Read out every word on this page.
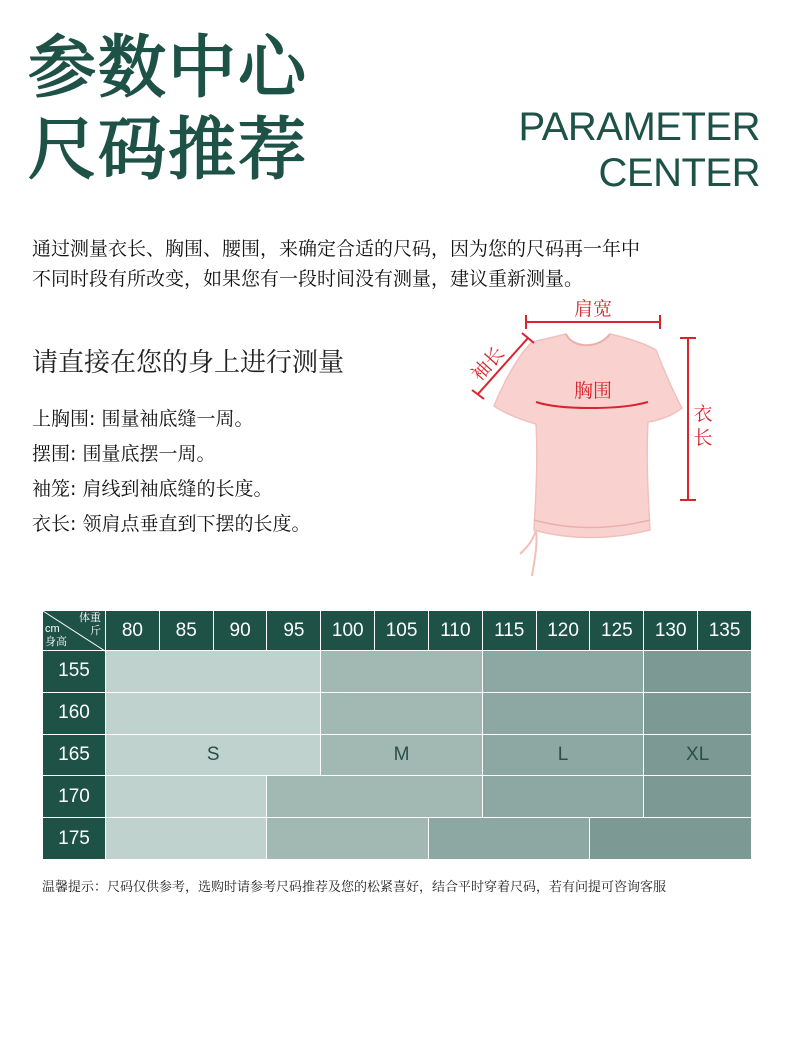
参数中心
尺码推荐	PARAMETER
CENTER
通过测量衣长、胸围、腰围，来确定合适的尺码，因为您的尺码再一年中
不同时段有所改变，如果您有一段时间没有测量，建议重新测量。
请直接在您的身上进行测量
上胸围: 围量袖底缝一周。
摆围: 围量底摆一周。
袖笼: 肩线到袖底缝的长度。
衣长: 领肩点垂直到下摆的长度。
肩宽
胸围
袖长
衣
长
体重
斤
cm
身高	80	85	90	95	100	105	110	115	120	125	130	135
155												
160												
165	S				M			L			XL	
170												
175												
温馨提示：尺码仅供参考，选购时请参考尺码推荐及您的松紧喜好，结合平时穿着尺码，若有问提可咨询客服
